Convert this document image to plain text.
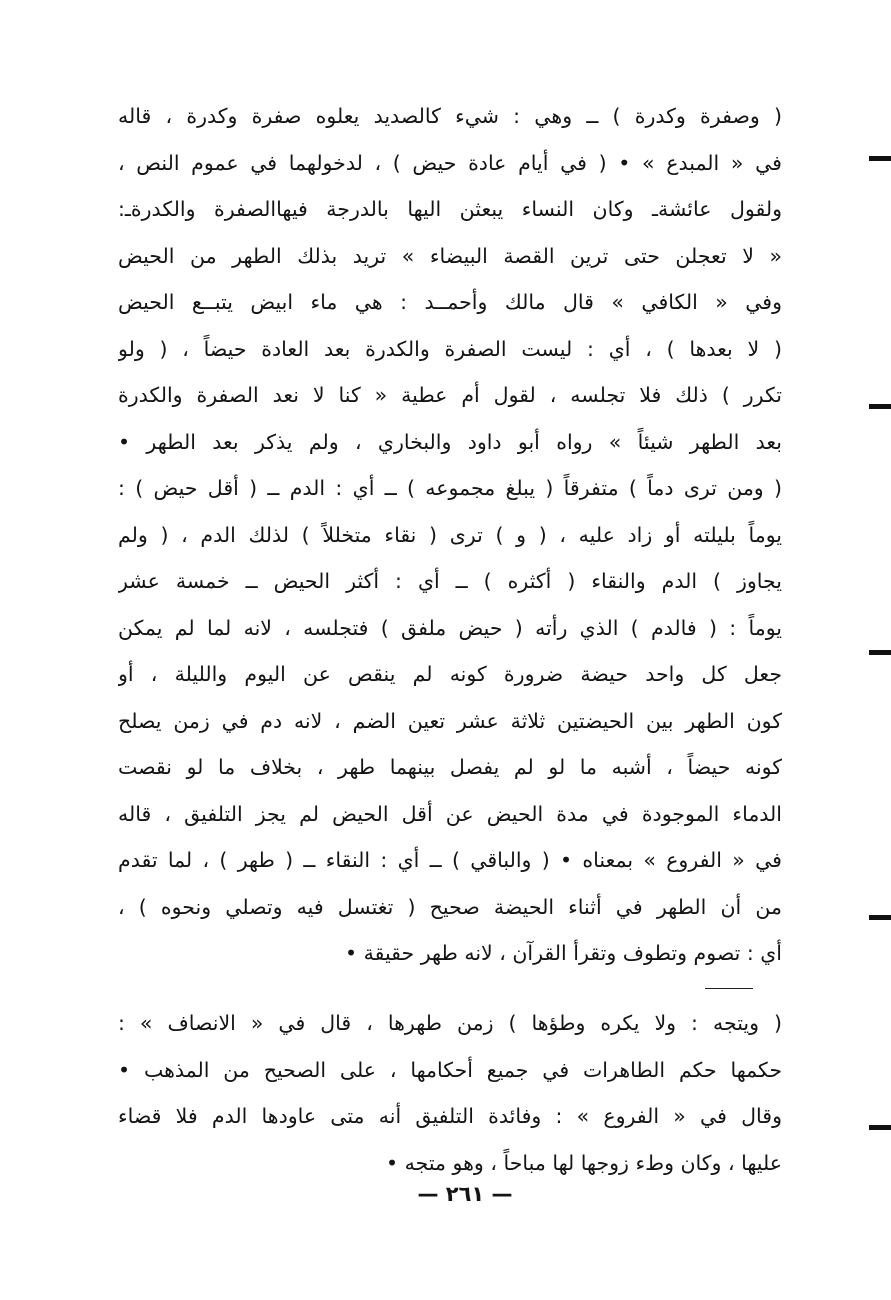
( وصفرة وكدرة ) ــ وهي : شيء كالصديد يعلوه صفرة وكدرة ، قاله
في « المبدع » • ( في أيام عادة حيض ) ، لدخولهما في عموم النص ،
ولقول عائشةـ وكان النساء يبعثن اليها بالدرجة فيهاالصفرة والكدرةـ:
« لا تعجلن حتى ترين القصة البيضاء » تريد بذلك الطهر من الحيض
وفي « الكافي » قال مالك وأحمــد : هي ماء ابيض يتبــع الحيض
( لا بعدها ) ، أي : ليست الصفرة والكدرة بعد العادة حيضاً ، ( ولو
تكرر ) ذلك فلا تجلسه ، لقول أم عطية « كنا لا نعد الصفرة والكدرة
بعد الطهر شيئاً » رواه أبو داود والبخاري ، ولم يذكر بعد الطهر •
( ومن ترى دماً ) متفرقاً ( يبلغ مجموعه ) ــ أي : الدم ــ ( أقل حيض ) :
يوماً بليلته أو زاد عليه ، ( و ) ترى ( نقاء متخللاً ) لذلك الدم ، ( ولم
يجاوز ) الدم والنقاء ( أكثره ) ــ أي : أكثر الحيض ــ خمسة عشر
يوماً : ( فالدم ) الذي رأته ( حيض ملفق ) فتجلسه ، لانه لما لم يمكن
جعل كل واحد حيضة ضرورة كونه لم ينقص عن اليوم والليلة ، أو
كون الطهر بين الحيضتين ثلاثة عشر تعين الضم ، لانه دم في زمن يصلح
كونه حيضاً ، أشبه ما لو لم يفصل بينهما طهر ، بخلاف ما لو نقصت
الدماء الموجودة في مدة الحيض عن أقل الحيض لم يجز التلفيق ، قاله
في « الفروع » بمعناه • ( والباقي ) ــ أي : النقاء ــ ( طهر ) ، لما تقدم
من أن الطهر في أثناء الحيضة صحيح ( تغتسل فيه وتصلي ونحوه ) ،
أي : تصوم وتطوف وتقرأ القرآن ، لانه طهر حقيقة •
( ويتجه : ولا يكره وطؤها ) زمن طهرها ، قال في « الانصاف » :
حكمها حكم الطاهرات في جميع أحكامها ، على الصحيح من المذهب •
وقال في « الفروع » : وفائدة التلفيق أنه متى عاودها الدم فلا قضاء
عليها ، وكان وطء زوجها لها مباحاً ، وهو متجه •
— ٢٦١ —
